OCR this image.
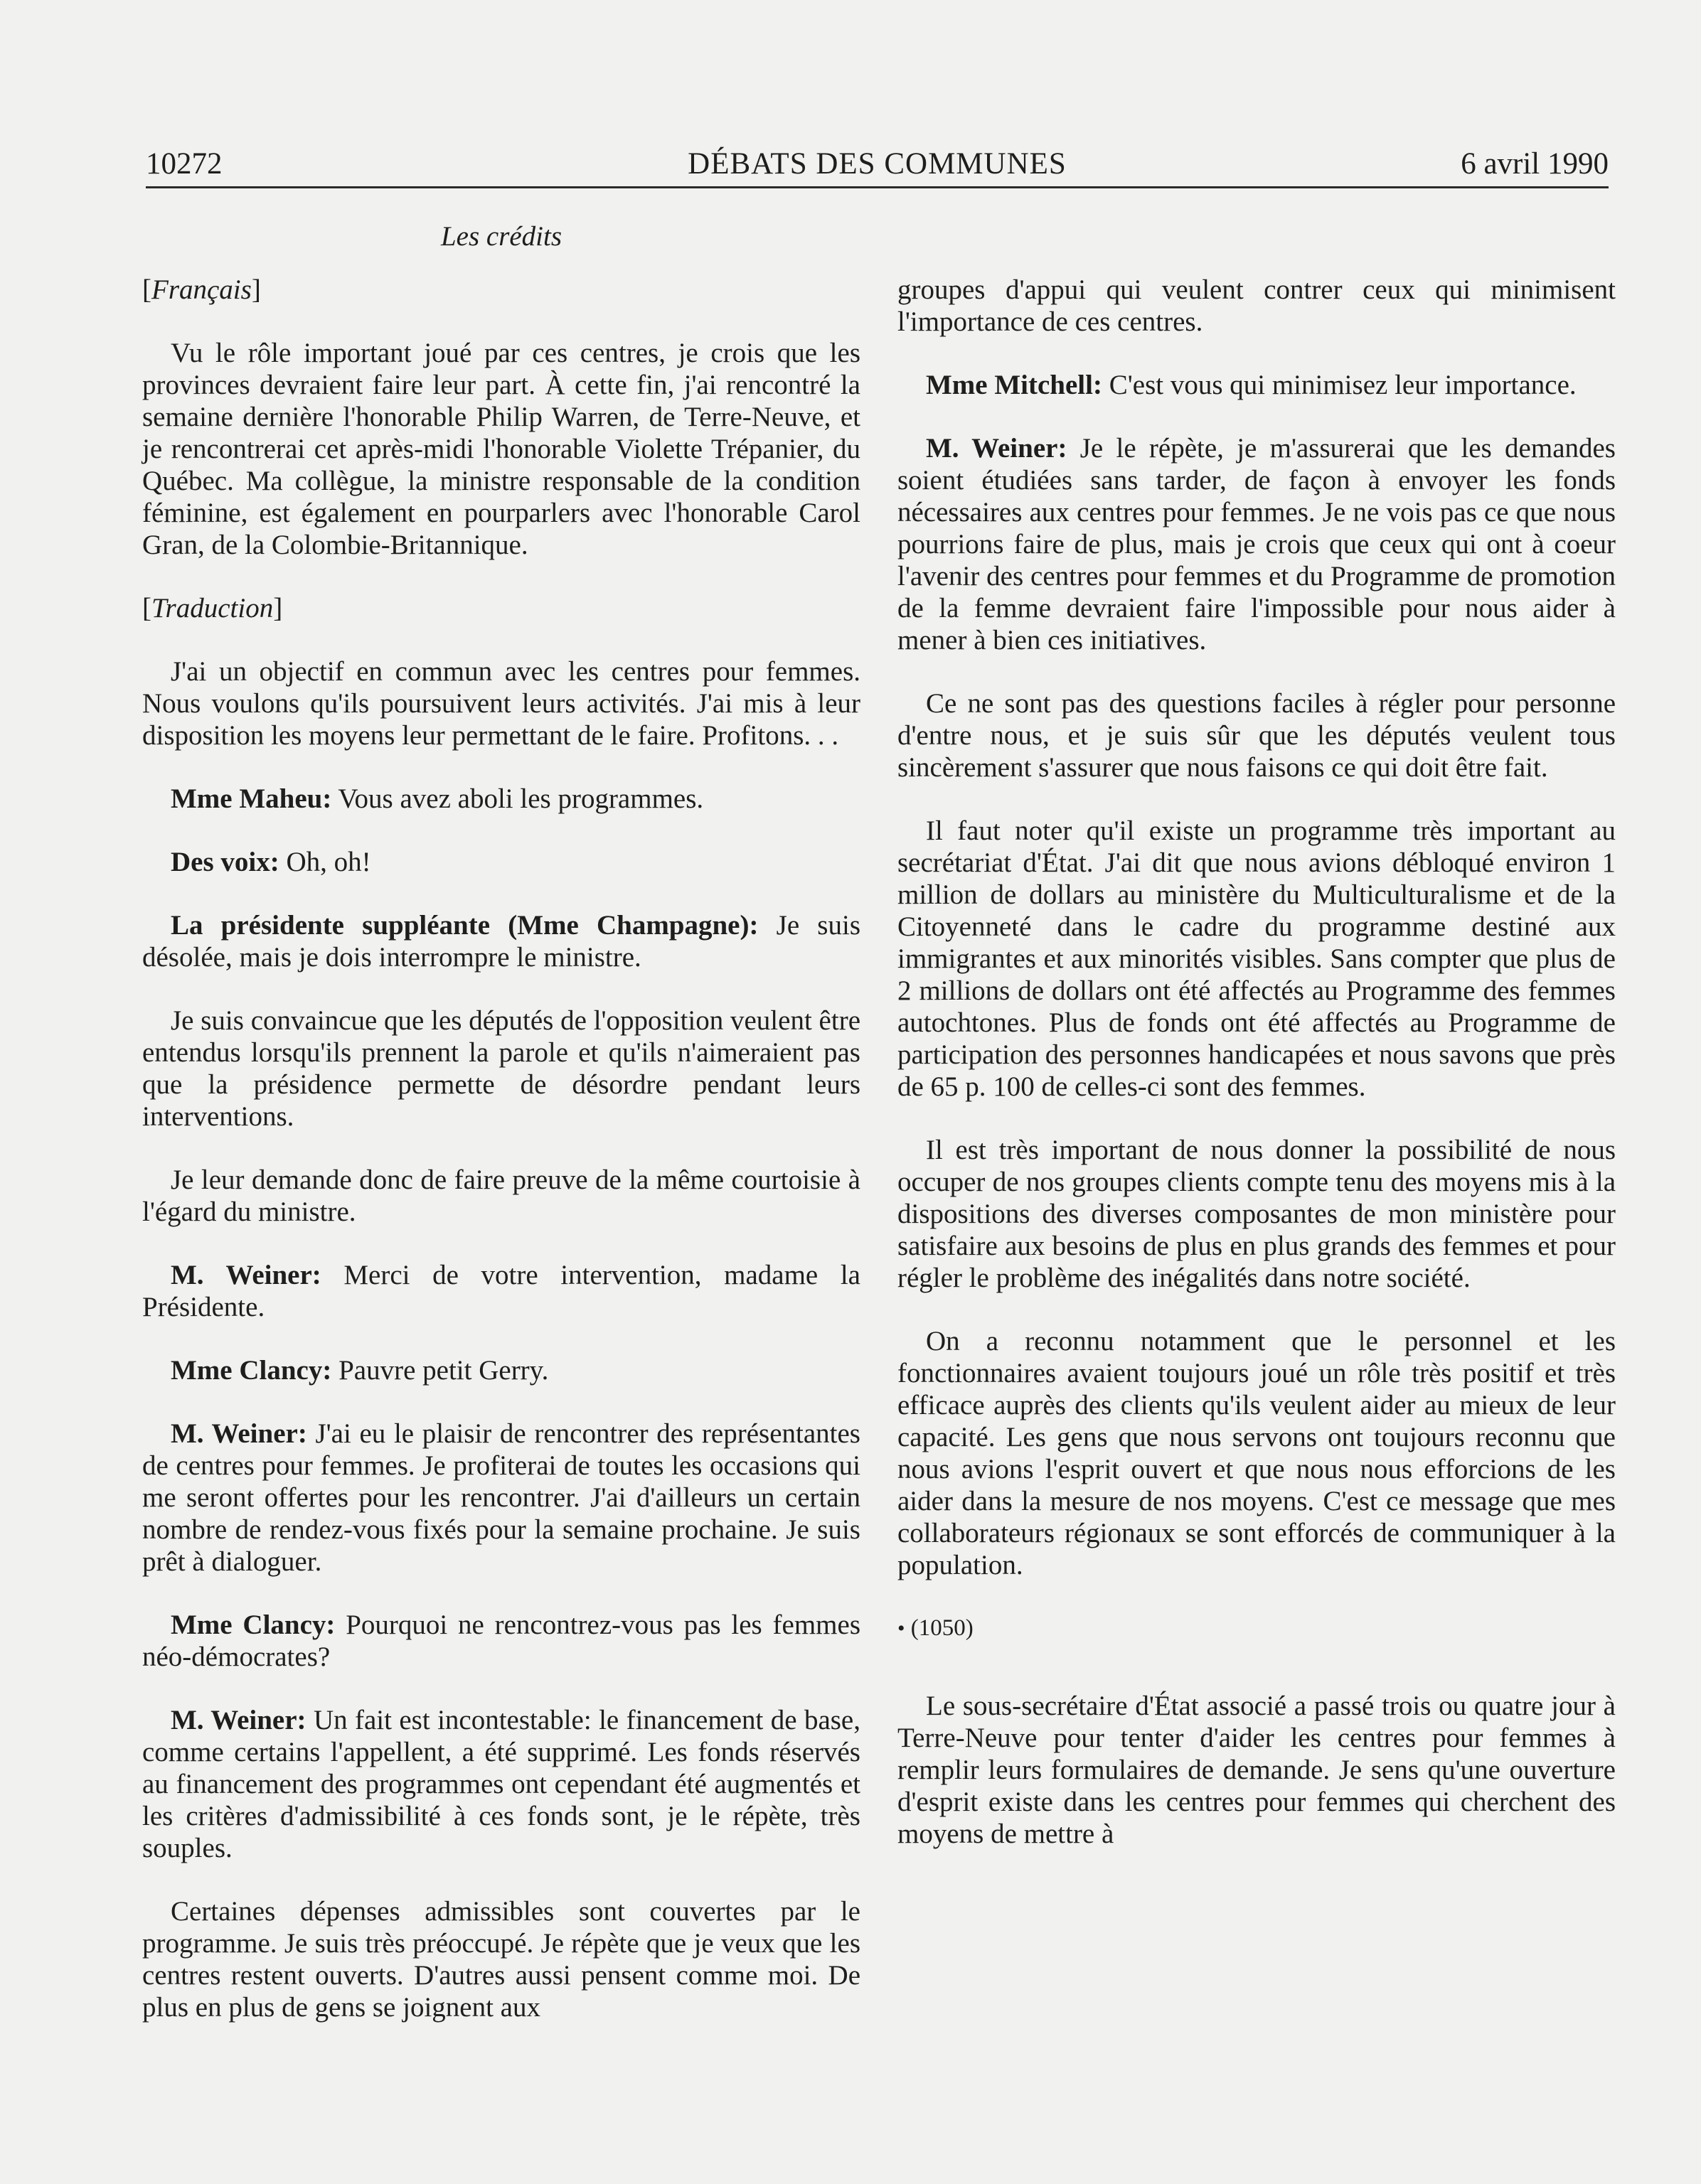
10272	DÉBATS DES COMMUNES	6 avril 1990
Les crédits
[Français]

Vu le rôle important joué par ces centres, je crois que les provinces devraient faire leur part. À cette fin, j'ai rencontré la semaine dernière l'honorable Philip Warren, de Terre-Neuve, et je rencontrerai cet après-midi l'honorable Violette Trépanier, du Québec. Ma collègue, la ministre responsable de la condition féminine, est également en pourparlers avec l'honorable Carol Gran, de la Colombie-Britannique.

[Traduction]

J'ai un objectif en commun avec les centres pour femmes. Nous voulons qu'ils poursuivent leurs activités. J'ai mis à leur disposition les moyens leur permettant de le faire. Profitons. . .

Mme Maheu: Vous avez aboli les programmes.

Des voix: Oh, oh!

La présidente suppléante (Mme Champagne): Je suis désolée, mais je dois interrompre le ministre.

Je suis convaincue que les députés de l'opposition veulent être entendus lorsqu'ils prennent la parole et qu'ils n'aimeraient pas que la présidence permette de désordre pendant leurs interventions.

Je leur demande donc de faire preuve de la même courtoisie à l'égard du ministre.

M. Weiner: Merci de votre intervention, madame la Présidente.

Mme Clancy: Pauvre petit Gerry.

M. Weiner: J'ai eu le plaisir de rencontrer des représentantes de centres pour femmes. Je profiterai de toutes les occasions qui me seront offertes pour les rencontrer. J'ai d'ailleurs un certain nombre de rendez-vous fixés pour la semaine prochaine. Je suis prêt à dialoguer.

Mme Clancy: Pourquoi ne rencontrez-vous pas les femmes néo-démocrates?

M. Weiner: Un fait est incontestable: le financement de base, comme certains l'appellent, a été supprimé. Les fonds réservés au financement des programmes ont cependant été augmentés et les critères d'admissibilité à ces fonds sont, je le répète, très souples.

Certaines dépenses admissibles sont couvertes par le programme. Je suis très préoccupé. Je répète que je veux que les centres restent ouverts. D'autres aussi pensent comme moi. De plus en plus de gens se joignent aux

groupes d'appui qui veulent contrer ceux qui minimisent l'importance de ces centres.

Mme Mitchell: C'est vous qui minimisez leur importance.

M. Weiner: Je le répète, je m'assurerai que les demandes soient étudiées sans tarder, de façon à envoyer les fonds nécessaires aux centres pour femmes. Je ne vois pas ce que nous pourrions faire de plus, mais je crois que ceux qui ont à coeur l'avenir des centres pour femmes et du Programme de promotion de la femme devraient faire l'impossible pour nous aider à mener à bien ces initiatives.

Ce ne sont pas des questions faciles à régler pour personne d'entre nous, et je suis sûr que les députés veulent tous sincèrement s'assurer que nous faisons ce qui doit être fait.

Il faut noter qu'il existe un programme très important au secrétariat d'État. J'ai dit que nous avions débloqué environ 1 million de dollars au ministère du Multiculturalisme et de la Citoyenneté dans le cadre du programme destiné aux immigrantes et aux minorités visibles. Sans compter que plus de 2 millions de dollars ont été affectés au Programme des femmes autochtones. Plus de fonds ont été affectés au Programme de participation des personnes handicapées et nous savons que près de 65 p. 100 de celles-ci sont des femmes.

Il est très important de nous donner la possibilité de nous occuper de nos groupes clients compte tenu des moyens mis à la dispositions des diverses composantes de mon ministère pour satisfaire aux besoins de plus en plus grands des femmes et pour régler le problème des inégalités dans notre société.

On a reconnu notamment que le personnel et les fonctionnaires avaient toujours joué un rôle très positif et très efficace auprès des clients qu'ils veulent aider au mieux de leur capacité. Les gens que nous servons ont toujours reconnu que nous avions l'esprit ouvert et que nous nous efforcions de les aider dans la mesure de nos moyens. C'est ce message que mes collaborateurs régionaux se sont efforcés de communiquer à la population.

• (1050)

Le sous-secrétaire d'État associé a passé trois ou quatre jour à Terre-Neuve pour tenter d'aider les centres pour femmes à remplir leurs formulaires de demande. Je sens qu'une ouverture d'esprit existe dans les centres pour femmes qui cherchent des moyens de mettre à
